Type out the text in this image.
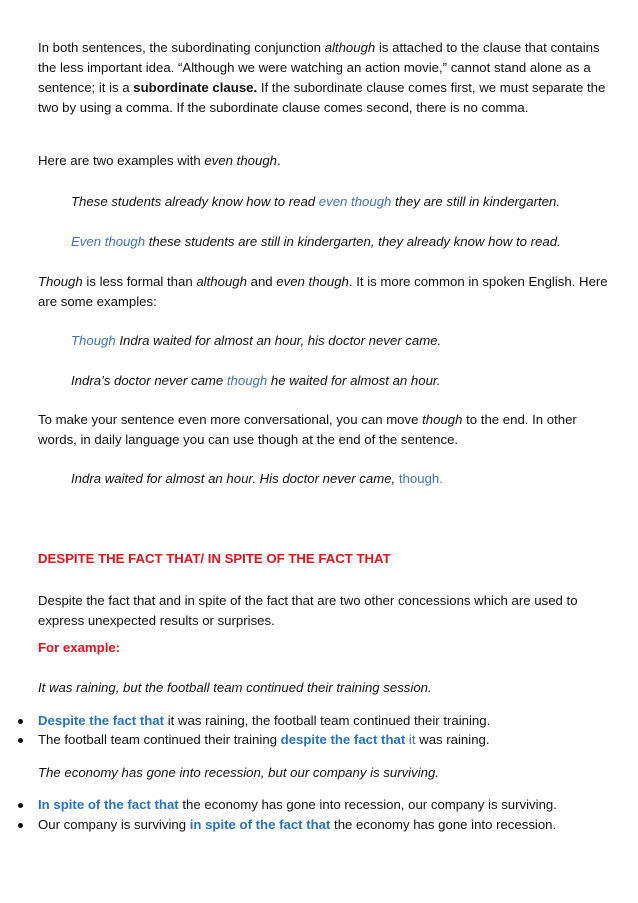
In both sentences, the subordinating conjunction although is attached to the clause that contains the less important idea. “Although we were watching an action movie,” cannot stand alone as a sentence; it is a subordinate clause. If the subordinate clause comes first, we must separate the two by using a comma. If the subordinate clause comes second, there is no comma.

Here are two examples with even though.

These students already know how to read even though they are still in kindergarten.

Even though these students are still in kindergarten, they already know how to read.

Though is less formal than although and even though. It is more common in spoken English. Here are some examples:

Though Indra waited for almost an hour, his doctor never came.

Indra’s doctor never came though he waited for almost an hour.

To make your sentence even more conversational, you can move though to the end. In other words, in daily language you can use though at the end of the sentence.

Indra waited for almost an hour. His doctor never came, though.

DESPITE THE FACT THAT/ IN SPITE OF THE FACT THAT

Despite the fact that and in spite of the fact that are two other concessions which are used to express unexpected results or surprises.

For example:

It was raining, but the football team continued their training session.

Despite the fact that it was raining, the football team continued their training.

The football team continued their training despite the fact that it was raining.

The economy has gone into recession, but our company is surviving.

In spite of the fact that the economy has gone into recession, our company is surviving.

Our company is surviving in spite of the fact that the economy has gone into recession.
